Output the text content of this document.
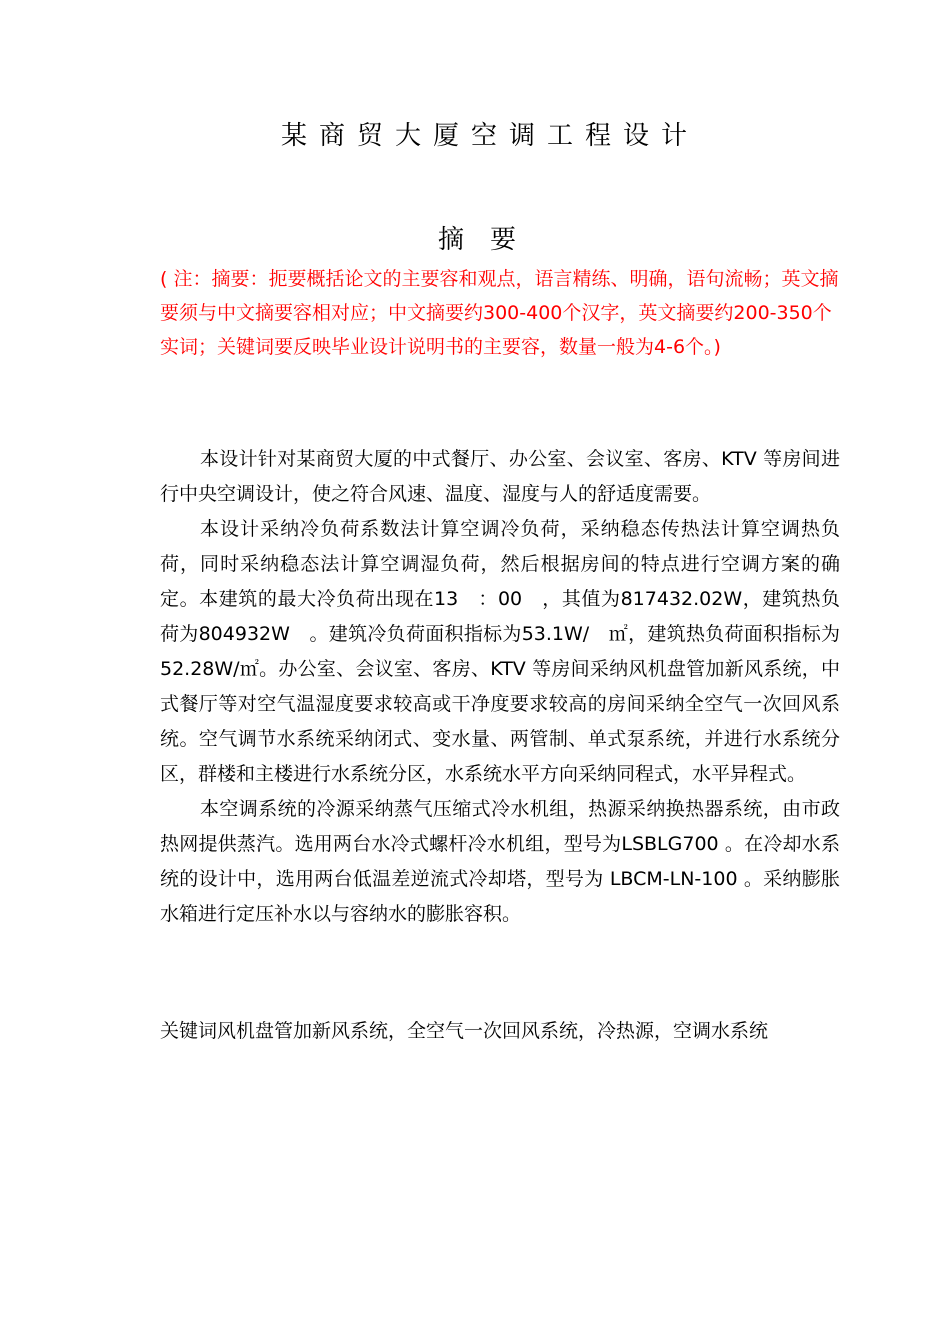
某商贸大厦空调工程设计
摘要

( 注：摘要：扼要概括论文的主要容和观点，语言精练、明确，语句流畅；英文摘要须与中文摘要容相对应；中文摘要约300-400个汉字，英文摘要约200-350个实词；关键词要反映毕业设计说明书的主要容，数量一般为4-6个。)

本设计针对某商贸大厦的中式餐厅、办公室、会议室、客房、KTV 等房间进行中央空调设计，使之符合风速、温度、湿度与人的舒适度需要。

本设计采纳冷负荷系数法计算空调冷负荷，采纳稳态传热法计算空调热负荷，同时采纳稳态法计算空调湿负荷，然后根据房间的特点进行空调方案的确定。本建筑的最大冷负荷出现在13　：00　，其值为817432.02W，建筑热负荷为804932W　。建筑冷负荷面积指标为53.1W/　㎡，建筑热负荷面积指标为52.28W/㎡。办公室、会议室、客房、KTV 等房间采纳风机盘管加新风系统，中式餐厅等对空气温湿度要求较高或干净度要求较高的房间采纳全空气一次回风系统。空气调节水系统采纳闭式、变水量、两管制、单式泵系统，并进行水系统分区，群楼和主楼进行水系统分区，水系统水平方向采纳同程式，水平异程式。

本空调系统的冷源采纳蒸气压缩式冷水机组，热源采纳换热器系统，由市政热网提供蒸汽。选用两台水冷式螺杆冷水机组，型号为LSBLG700 。在冷却水系统的设计中，选用两台低温差逆流式冷却塔，型号为 LBCM-LN-100 。采纳膨胀水箱进行定压补水以与容纳水的膨胀容积。

关键词风机盘管加新风系统，全空气一次回风系统，冷热源，空调水系统
